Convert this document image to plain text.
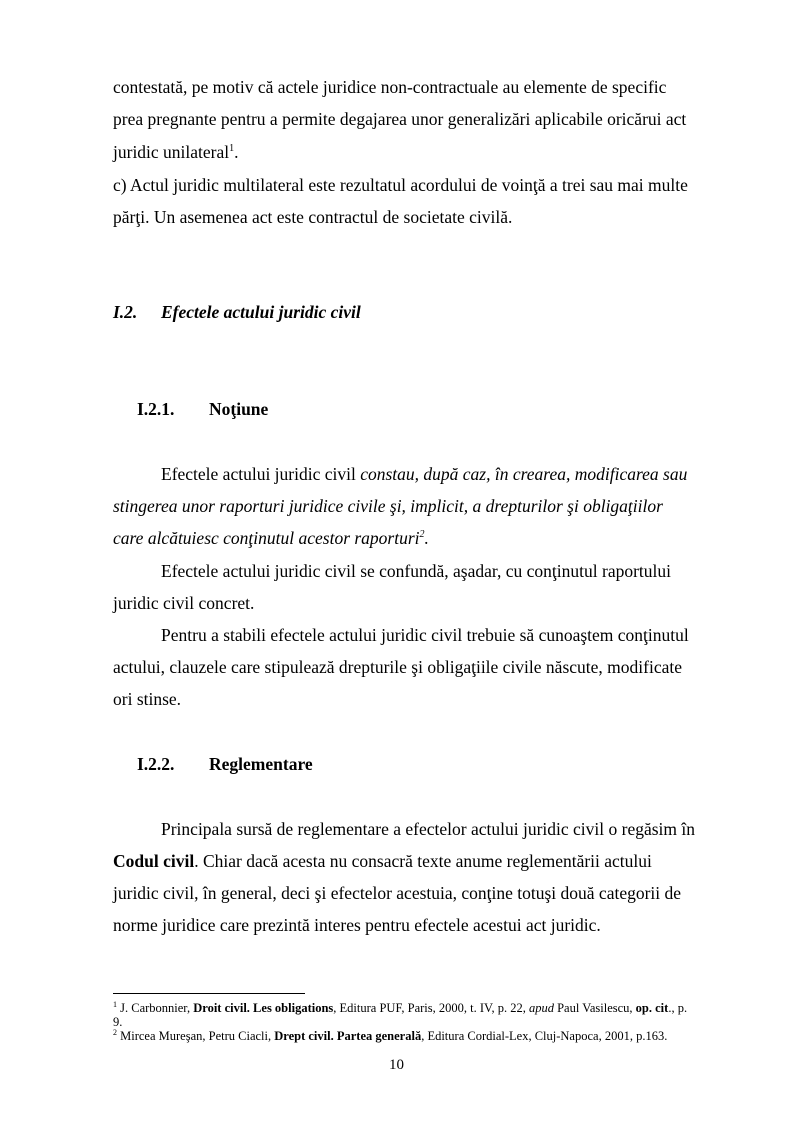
contestată, pe motiv că actele juridice non-contractuale au elemente de specific
prea pregnante pentru a permite degajarea unor generalizări aplicabile oricărui act
juridic unilateral$^1$.
c) Actul juridic multilateral este rezultatul acordului de voinţă a trei sau mai multe
părţi. Un asemenea act este contractul de societate civilă.
I.2. Efectele actului juridic civil
I.2.1. Noţiune
Efectele actului juridic civil constau, după caz, în crearea, modificarea sau
stingerea unor raporturi juridice civile şi, implicit, a drepturilor şi obligaţiilor
care alcătuiesc conţinutul acestor raporturi$^2$.
Efectele actului juridic civil se confundă, aşadar, cu conţinutul raportului
juridic civil concret.
Pentru a stabili efectele actului juridic civil trebuie să cunoaştem conţinutul
actului, clauzele care stipulează drepturile şi obligaţiile civile născute, modificate
ori stinse.
I.2.2. Reglementare
Principala sursă de reglementare a efectelor actului juridic civil o regăsim în
Codul civil. Chiar dacă acesta nu consacră texte anume reglementării actului
juridic civil, în general, deci şi efectelor acestuia, conţine totuşi două categorii de
norme juridice care prezintă interes pentru efectele acestui act juridic.
$^1$ J. Carbonnier, Droit civil. Les obligations, Editura PUF, Paris, 2000, t. IV, p. 22, apud Paul Vasilescu, op. cit., p.
9.
$^2$ Mircea Mureşan, Petru Ciacli, Drept civil. Partea generală, Editura Cordial-Lex, Cluj-Napoca, 2001, p.163.
10
